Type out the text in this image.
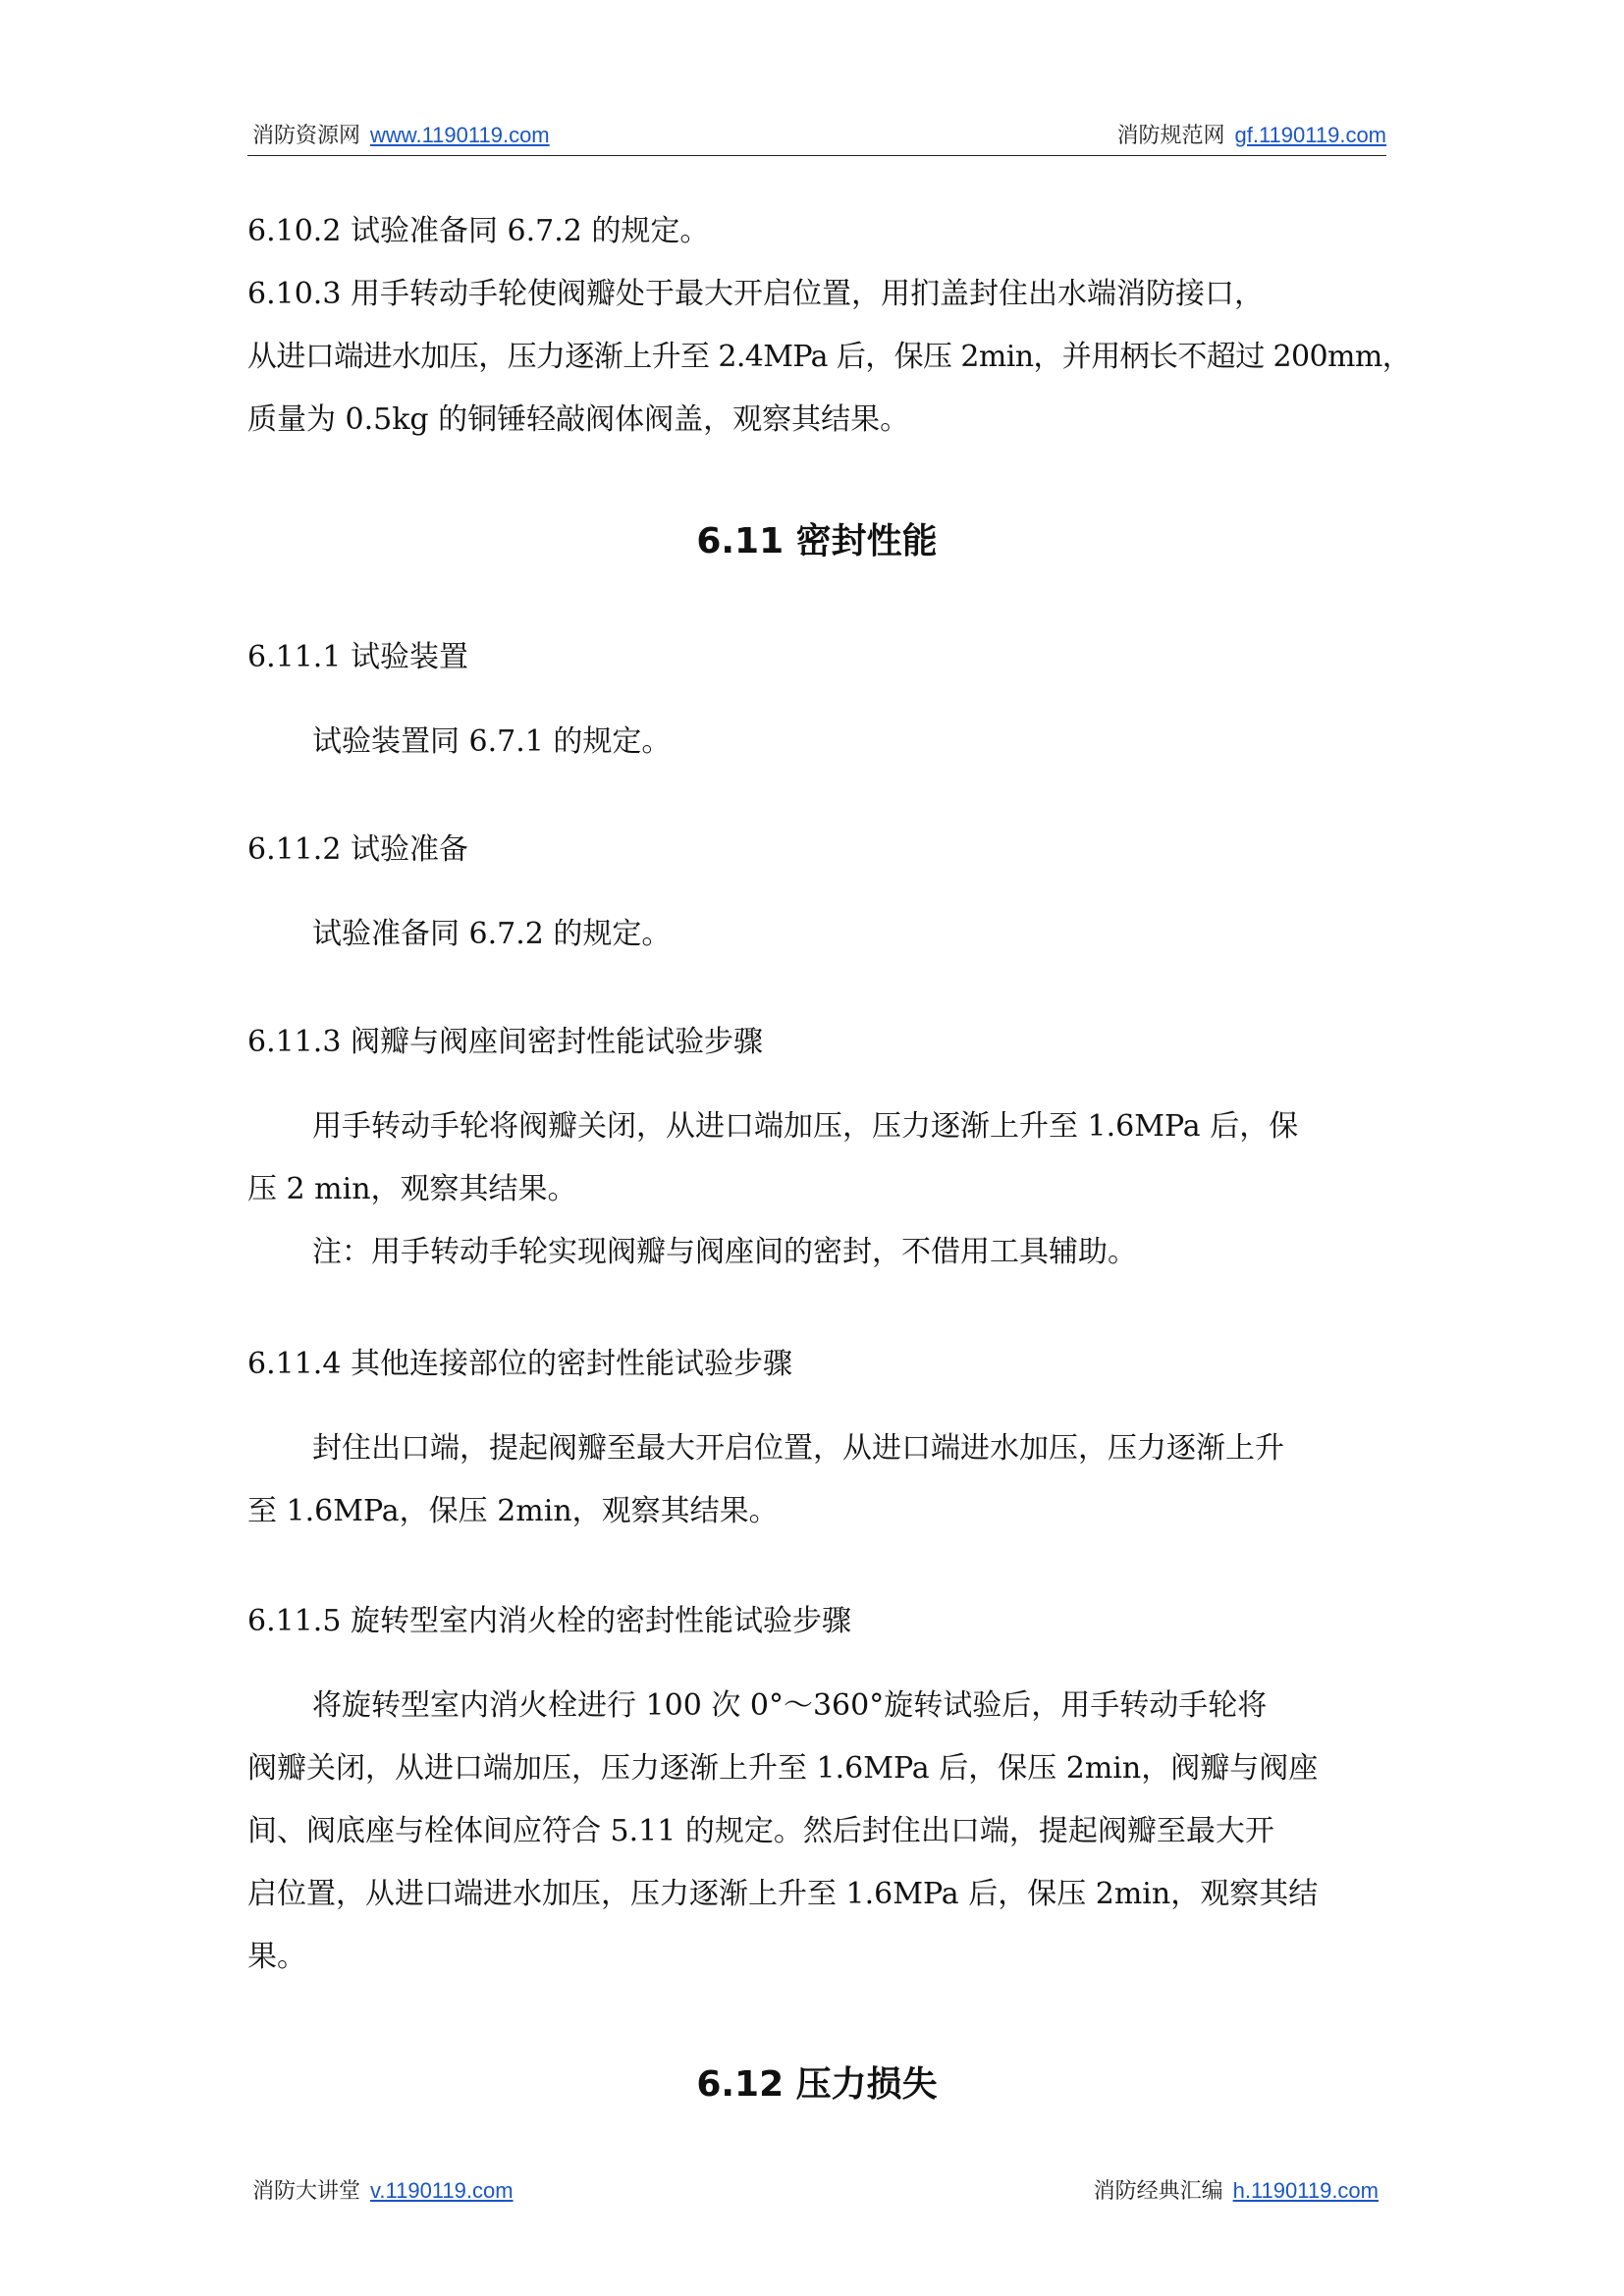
消防资源网 www.1190119.com	消防规范网 gf.1190119.com
6.10.2 试验准备同 6.7.2 的规定。
6.10.3 用手转动手轮使阀瓣处于最大开启位置，用扪盖封住出水端消防接口，
从进口端进水加压，压力逐渐上升至 2.4MPa 后，保压 2min，并用柄长不超过 200mm，
质量为 0.5kg 的铜锤轻敲阀体阀盖，观察其结果。
6.11 密封性能
6.11.1 试验装置
试验装置同 6.7.1 的规定。
6.11.2 试验准备
试验准备同 6.7.2 的规定。
6.11.3 阀瓣与阀座间密封性能试验步骤
用手转动手轮将阀瓣关闭，从进口端加压，压力逐渐上升至 1.6MPa 后，保
压 2 min，观察其结果。
注：用手转动手轮实现阀瓣与阀座间的密封，不借用工具辅助。
6.11.4 其他连接部位的密封性能试验步骤
封住出口端，提起阀瓣至最大开启位置，从进口端进水加压，压力逐渐上升
至 1.6MPa，保压 2min，观察其结果。
6.11.5 旋转型室内消火栓的密封性能试验步骤
将旋转型室内消火栓进行 100 次 0°～360°旋转试验后，用手转动手轮将
阀瓣关闭，从进口端加压，压力逐渐上升至 1.6MPa 后，保压 2min，阀瓣与阀座
间、阀底座与栓体间应符合 5.11 的规定。然后封住出口端，提起阀瓣至最大开
启位置，从进口端进水加压，压力逐渐上升至 1.6MPa 后，保压 2min，观察其结
果。
6.12 压力损失
消防大讲堂 v.1190119.com	消防经典汇编 h.1190119.com
